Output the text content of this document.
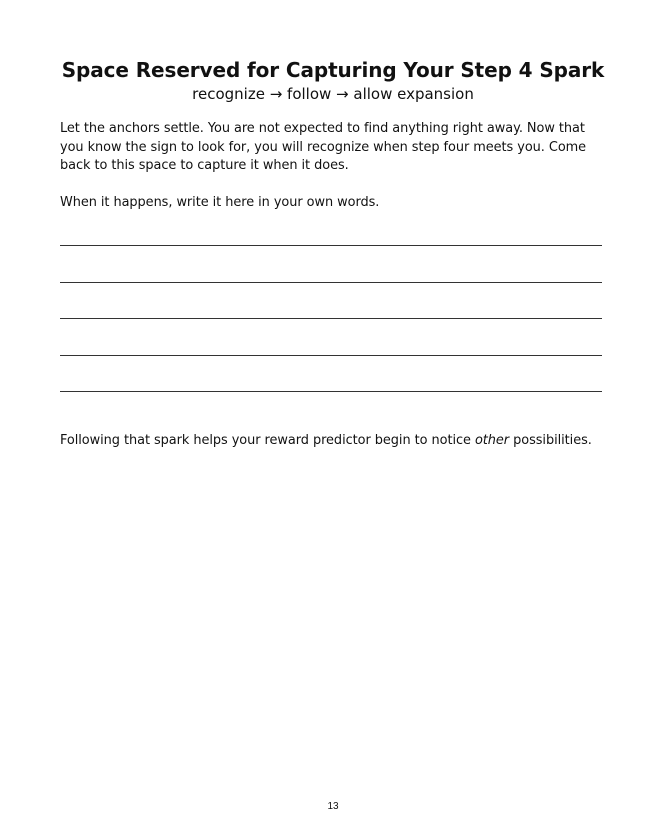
Space Reserved for Capturing Your Step 4 Spark
recognize → follow → allow expansion
Let the anchors settle. You are not expected to find anything right away. Now that you know the sign to look for, you will recognize when step four meets you. Come back to this space to capture it when it does.
When it happens, write it here in your own words.
Following that spark helps your reward predictor begin to notice other possibilities.
13
